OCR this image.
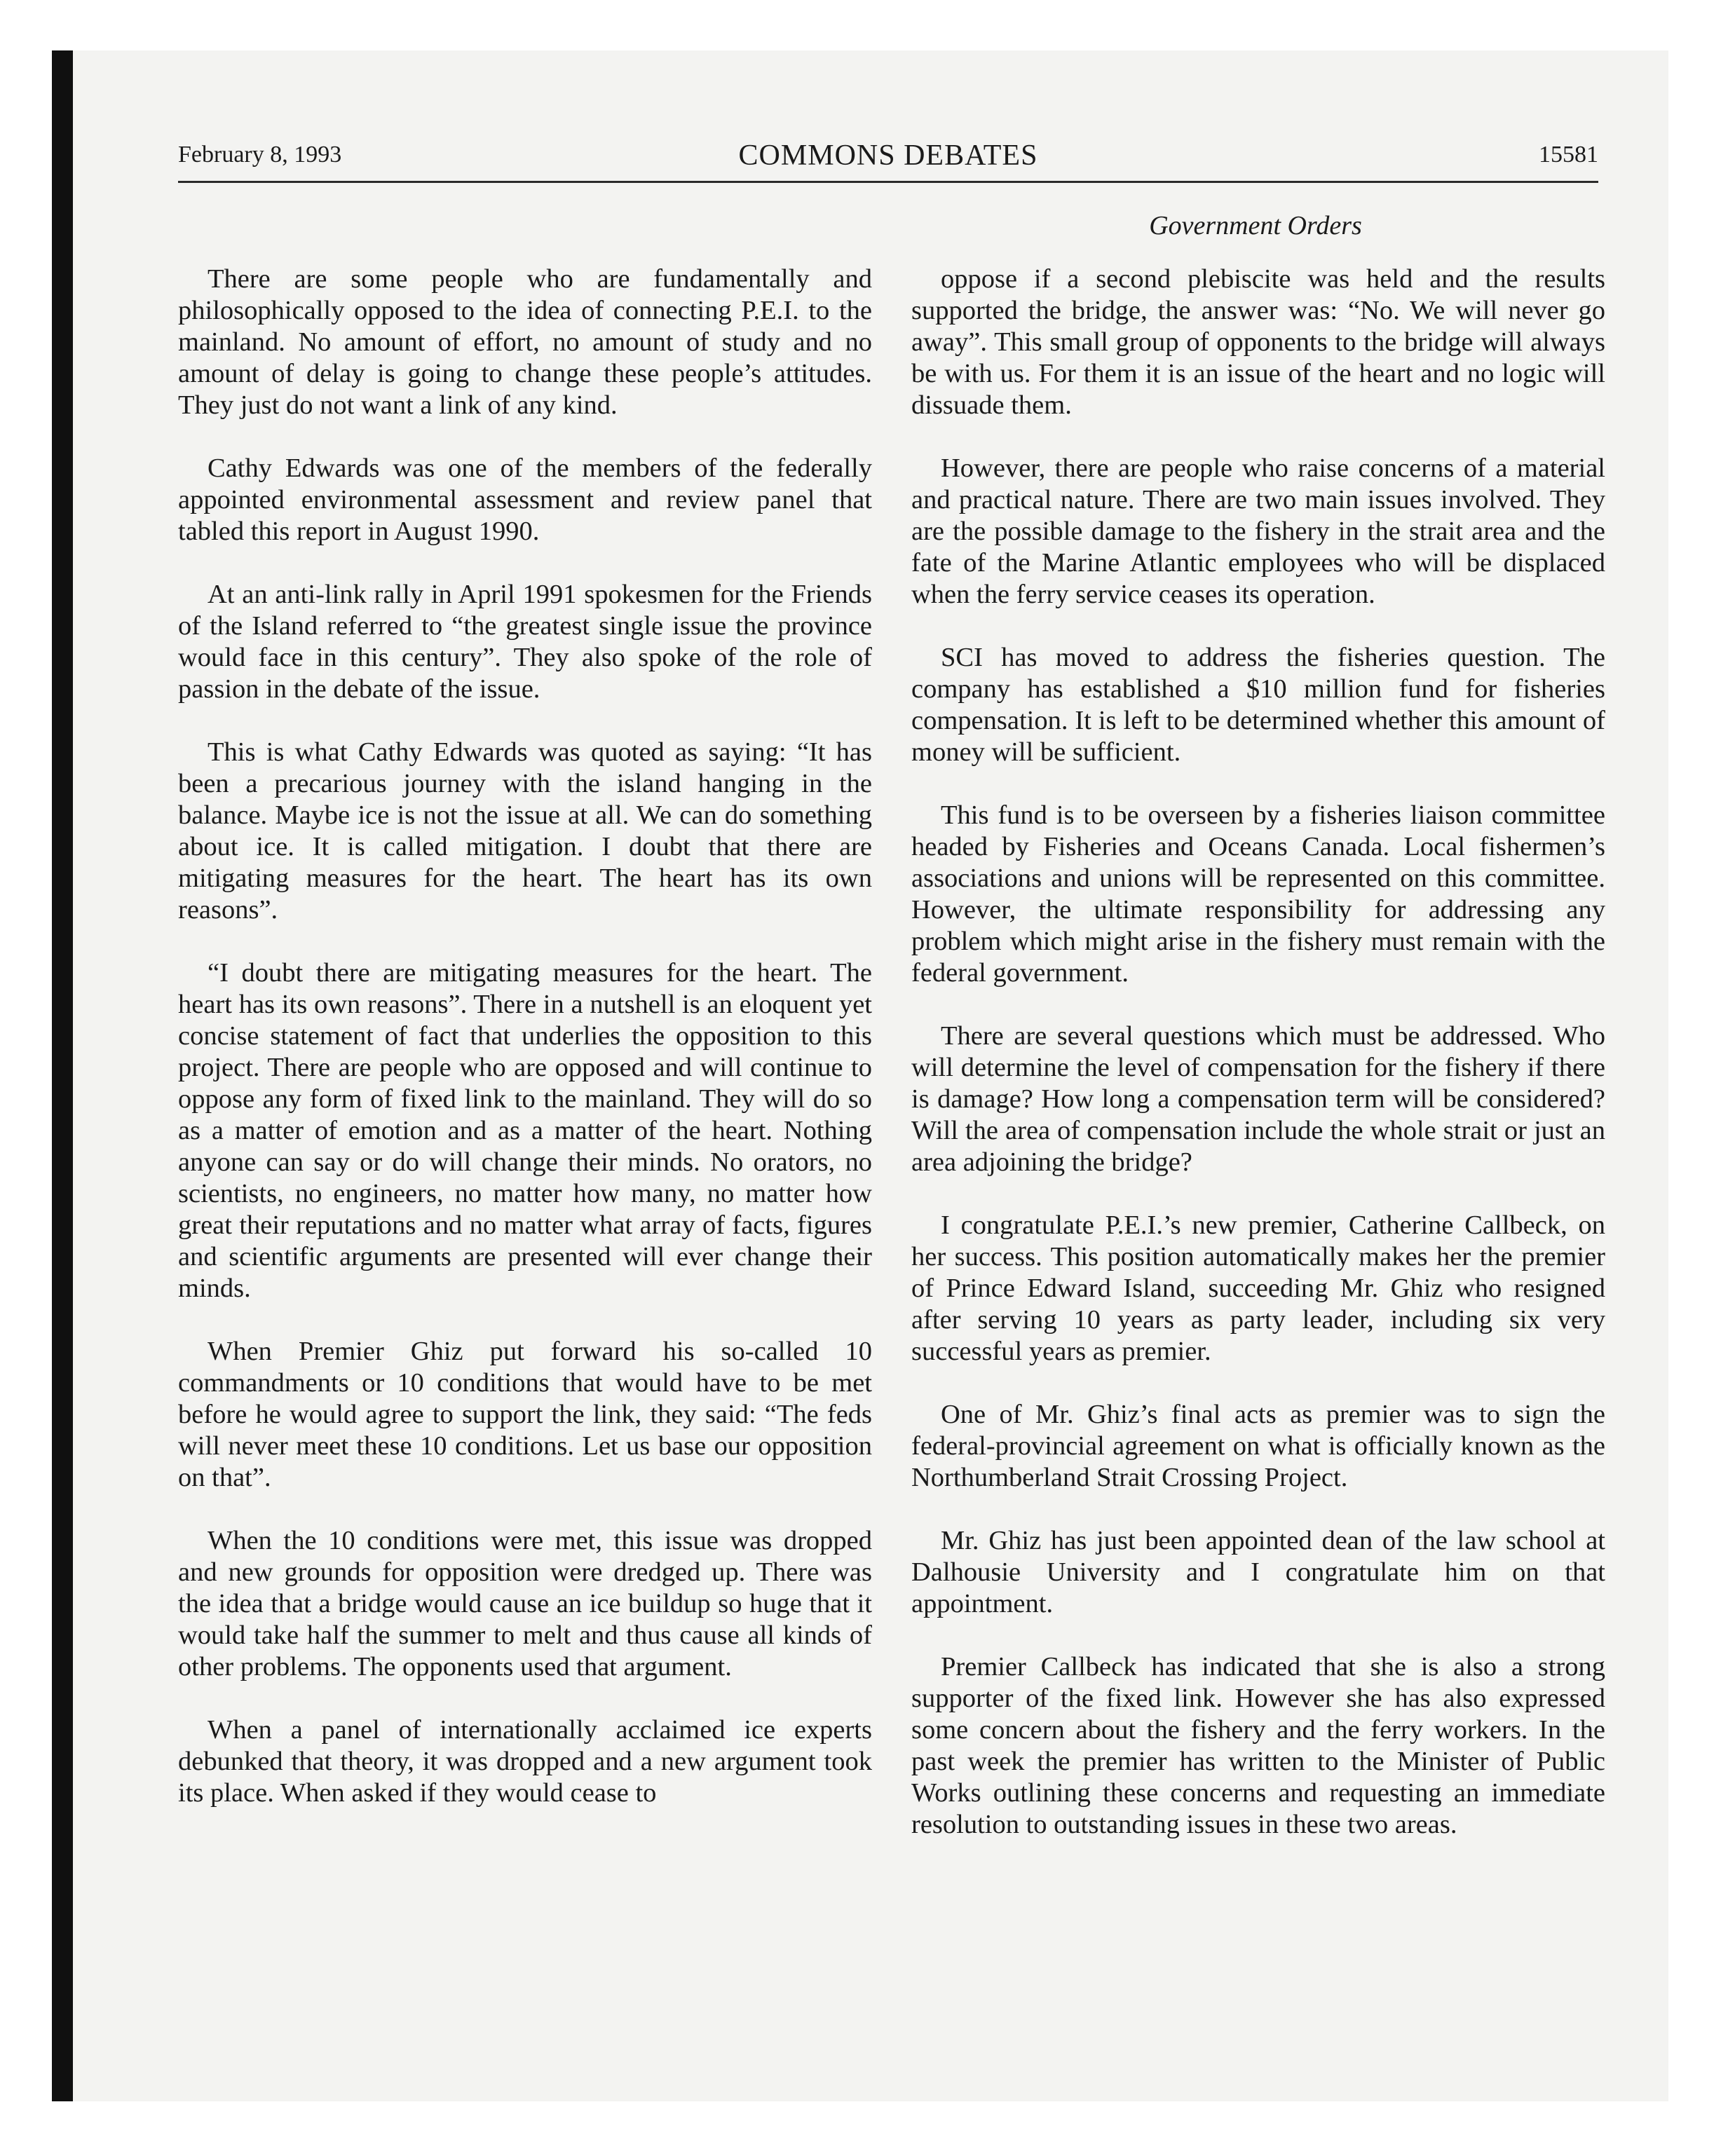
February 8, 1993	COMMONS DEBATES	15581
Government Orders

There are some people who are fundamentally and philosophically opposed to the idea of connecting P.E.I. to the mainland. No amount of effort, no amount of study and no amount of delay is going to change these people’s attitudes. They just do not want a link of any kind.

Cathy Edwards was one of the members of the federally appointed environmental assessment and review panel that tabled this report in August 1990.

At an anti-link rally in April 1991 spokesmen for the Friends of the Island referred to “the greatest single issue the province would face in this century”. They also spoke of the role of passion in the debate of the issue.

This is what Cathy Edwards was quoted as saying: “It has been a precarious journey with the island hanging in the balance. Maybe ice is not the issue at all. We can do something about ice. It is called mitigation. I doubt that there are mitigating measures for the heart. The heart has its own reasons”.

“I doubt there are mitigating measures for the heart. The heart has its own reasons”. There in a nutshell is an eloquent yet concise statement of fact that underlies the opposition to this project. There are people who are opposed and will continue to oppose any form of fixed link to the mainland. They will do so as a matter of emotion and as a matter of the heart. Nothing anyone can say or do will change their minds. No orators, no scientists, no engineers, no matter how many, no matter how great their reputations and no matter what array of facts, figures and scientific arguments are presented will ever change their minds.

When Premier Ghiz put forward his so-called 10 commandments or 10 conditions that would have to be met before he would agree to support the link, they said: “The feds will never meet these 10 conditions. Let us base our opposition on that”.

When the 10 conditions were met, this issue was dropped and new grounds for opposition were dredged up. There was the idea that a bridge would cause an ice buildup so huge that it would take half the summer to melt and thus cause all kinds of other problems. The opponents used that argument.

When a panel of internationally acclaimed ice experts debunked that theory, it was dropped and a new argument took its place. When asked if they would cease to

oppose if a second plebiscite was held and the results supported the bridge, the answer was: “No. We will never go away”. This small group of opponents to the bridge will always be with us. For them it is an issue of the heart and no logic will dissuade them.

However, there are people who raise concerns of a material and practical nature. There are two main issues involved. They are the possible damage to the fishery in the strait area and the fate of the Marine Atlantic employees who will be displaced when the ferry service ceases its operation.

SCI has moved to address the fisheries question. The company has established a $10 million fund for fisheries compensation. It is left to be determined whether this amount of money will be sufficient.

This fund is to be overseen by a fisheries liaison committee headed by Fisheries and Oceans Canada. Local fishermen’s associations and unions will be represented on this committee. However, the ultimate responsibility for addressing any problem which might arise in the fishery must remain with the federal government.

There are several questions which must be addressed. Who will determine the level of compensation for the fishery if there is damage? How long a compensation term will be considered? Will the area of compensation include the whole strait or just an area adjoining the bridge?

I congratulate P.E.I.’s new premier, Catherine Callbeck, on her success. This position automatically makes her the premier of Prince Edward Island, succeeding Mr. Ghiz who resigned after serving 10 years as party leader, including six very successful years as premier.

One of Mr. Ghiz’s final acts as premier was to sign the federal-provincial agreement on what is officially known as the Northumberland Strait Crossing Project.

Mr. Ghiz has just been appointed dean of the law school at Dalhousie University and I congratulate him on that appointment.

Premier Callbeck has indicated that she is also a strong supporter of the fixed link. However she has also expressed some concern about the fishery and the ferry workers. In the past week the premier has written to the Minister of Public Works outlining these concerns and requesting an immediate resolution to outstanding issues in these two areas.
